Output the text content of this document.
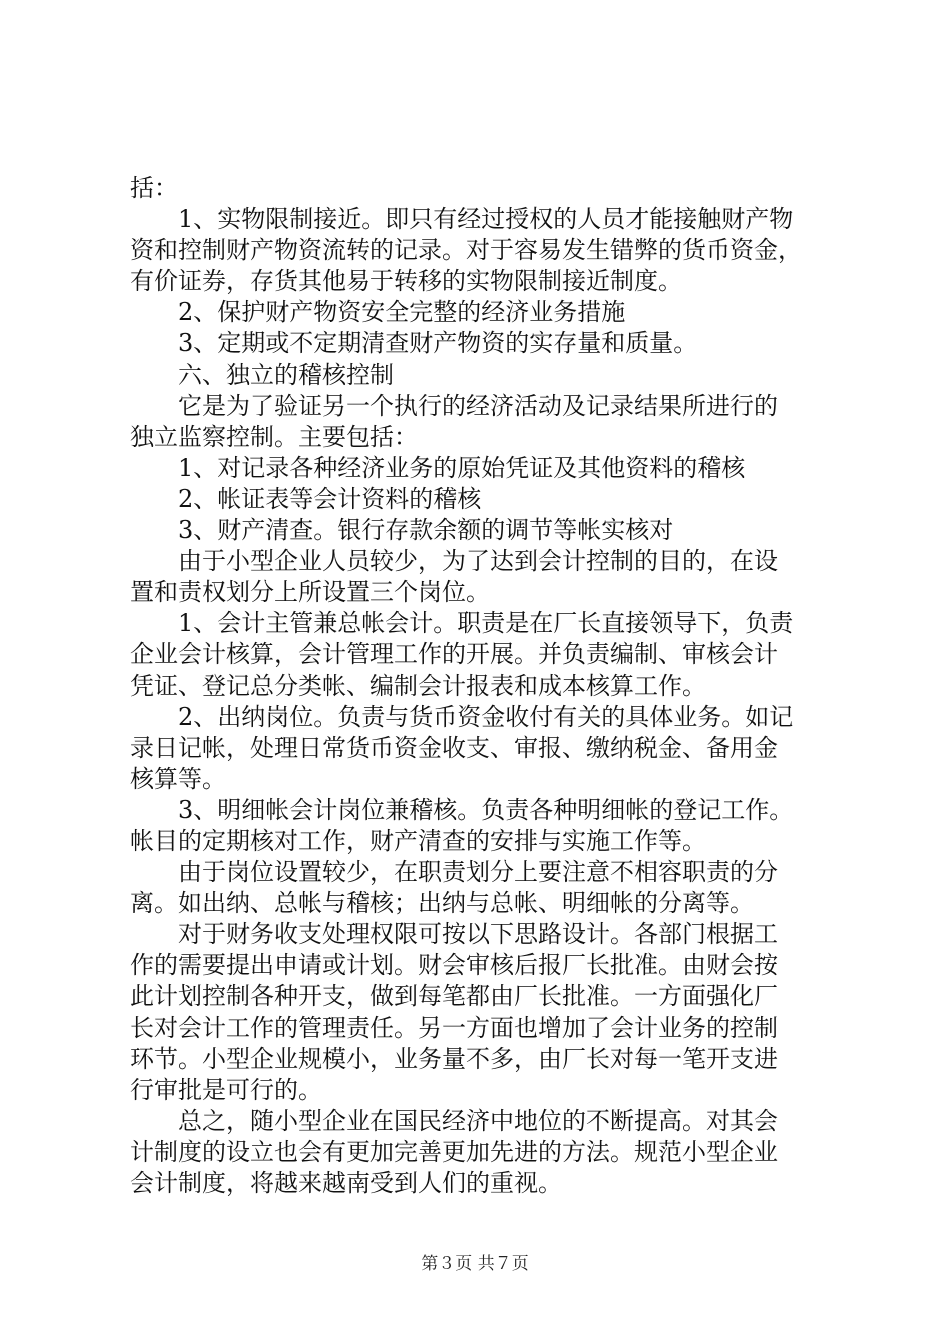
括：
　　1、实物限制接近。即只有经过授权的人员才能接触财产物
资和控制财产物资流转的记录。对于容易发生错弊的货币资金，
有价证券，存货其他易于转移的实物限制接近制度。
　　2、保护财产物资安全完整的经济业务措施
　　3、定期或不定期清查财产物资的实存量和质量。
　　六、独立的稽核控制
　　它是为了验证另一个执行的经济活动及记录结果所进行的
独立监察控制。主要包括：
　　1、对记录各种经济业务的原始凭证及其他资料的稽核
　　2、帐证表等会计资料的稽核
　　3、财产清查。银行存款余额的调节等帐实核对
　　由于小型企业人员较少，为了达到会计控制的目的，在设
置和责权划分上所设置三个岗位。
　　1、会计主管兼总帐会计。职责是在厂长直接领导下，负责
企业会计核算，会计管理工作的开展。并负责编制、审核会计
凭证、登记总分类帐、编制会计报表和成本核算工作。
　　2、出纳岗位。负责与货币资金收付有关的具体业务。如记
录日记帐，处理日常货币资金收支、审报、缴纳税金、备用金
核算等。
　　3、明细帐会计岗位兼稽核。负责各种明细帐的登记工作。
帐目的定期核对工作，财产清查的安排与实施工作等。
　　由于岗位设置较少，在职责划分上要注意不相容职责的分
离。如出纳、总帐与稽核；出纳与总帐、明细帐的分离等。
　　对于财务收支处理权限可按以下思路设计。各部门根据工
作的需要提出申请或计划。财会审核后报厂长批准。由财会按
此计划控制各种开支，做到每笔都由厂长批准。一方面强化厂
长对会计工作的管理责任。另一方面也增加了会计业务的控制
环节。小型企业规模小，业务量不多，由厂长对每一笔开支进
行审批是可行的。
　　总之，随小型企业在国民经济中地位的不断提高。对其会
计制度的设立也会有更加完善更加先进的方法。规范小型企业
会计制度，将越来越南受到人们的重视。
第３页 共７页
